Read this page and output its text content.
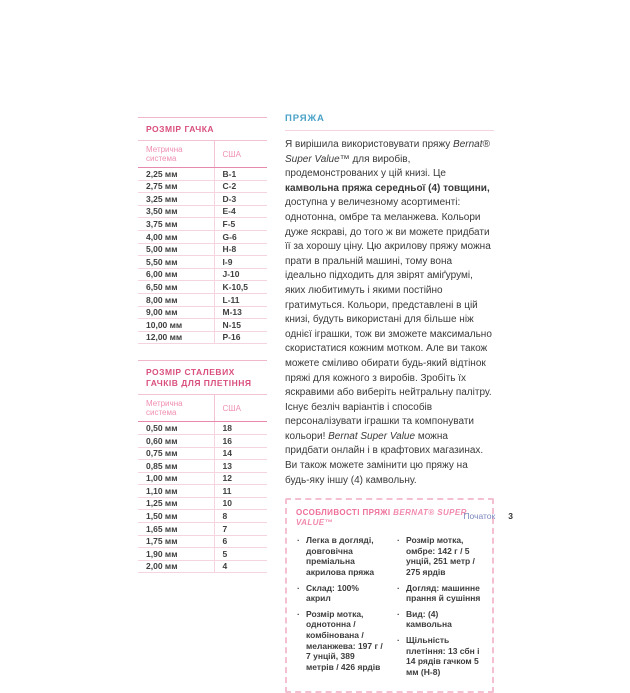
РОЗМІР ГАЧКА	
Метрична система	США
2,25 мм	B-1
2,75 мм	C-2
3,25 мм	D-3
3,50 мм	E-4
3,75 мм	F-5
4,00 мм	G-6
5,00 мм	H-8
5,50 мм	I-9
6,00 мм	J-10
6,50 мм	K-10,5
8,00 мм	L-11
9,00 мм	M-13
10,00 мм	N-15
12,00 мм	P-16
РОЗМІР СТАЛЕВИХ ГАЧКІВ ДЛЯ ПЛЕТІННЯ	
Метрична система	США
0,50 мм	18
0,60 мм	16
0,75 мм	14
0,85 мм	13
1,00 мм	12
1,10 мм	11
1,25 мм	10
1,50 мм	8
1,65 мм	7
1,75 мм	6
1,90 мм	5
2,00 мм	4
ПРЯЖА

Я вирішила використовувати пряжу Bernat® Super Value™ для виробів, продемонстрованих у цій книзі. Це камвольна пряжа середньої (4) товщини, доступна у величезному асортименті: однотонна, омбре та меланжева. Кольори дуже яскраві, до того ж ви можете придбати її за хорошу ціну. Цю акрилову пряжу можна прати в пральній машині, тому вона ідеально підходить для звірят аміґурумі, яких любитимуть і якими постійно гратимуться. Кольори, представлені в цій книзі, будуть використані для більше ніж однієї іграшки, тож ви зможете максимально скористатися кожним мотком. Але ви також можете сміливо обирати будь-який відтінок пряжі для кожного з виробів. Зробіть їх яскравими або виберіть нейтральну палітру. Існує безліч варіантів і способів персоналізувати іграшки та компонувати кольори! Bernat Super Value можна придбати онлайн і в крафтових магазинах. Ви також можете замінити цю пряжу на будь-яку іншу (4) камвольну.

ОСОБЛИВОСТІ ПРЯЖІ BERNAT® SUPER VALUE™
· Легка в догляді, довговічна преміальна акрилова пряжа
· Склад: 100% акрил
· Розмір мотка, однотонна / комбінована / меланжева: 197 г / 7 унцій, 389 метрів / 426 ярдів
· Розмір мотка, омбре: 142 г / 5 унцій, 251 метр / 275 ярдів
· Догляд: машинне прання й сушіння
· Вид: (4) камвольна
· Щільність плетіння: 13 сбн і 14 рядів гачком 5 мм (H-8)
Початок 3
